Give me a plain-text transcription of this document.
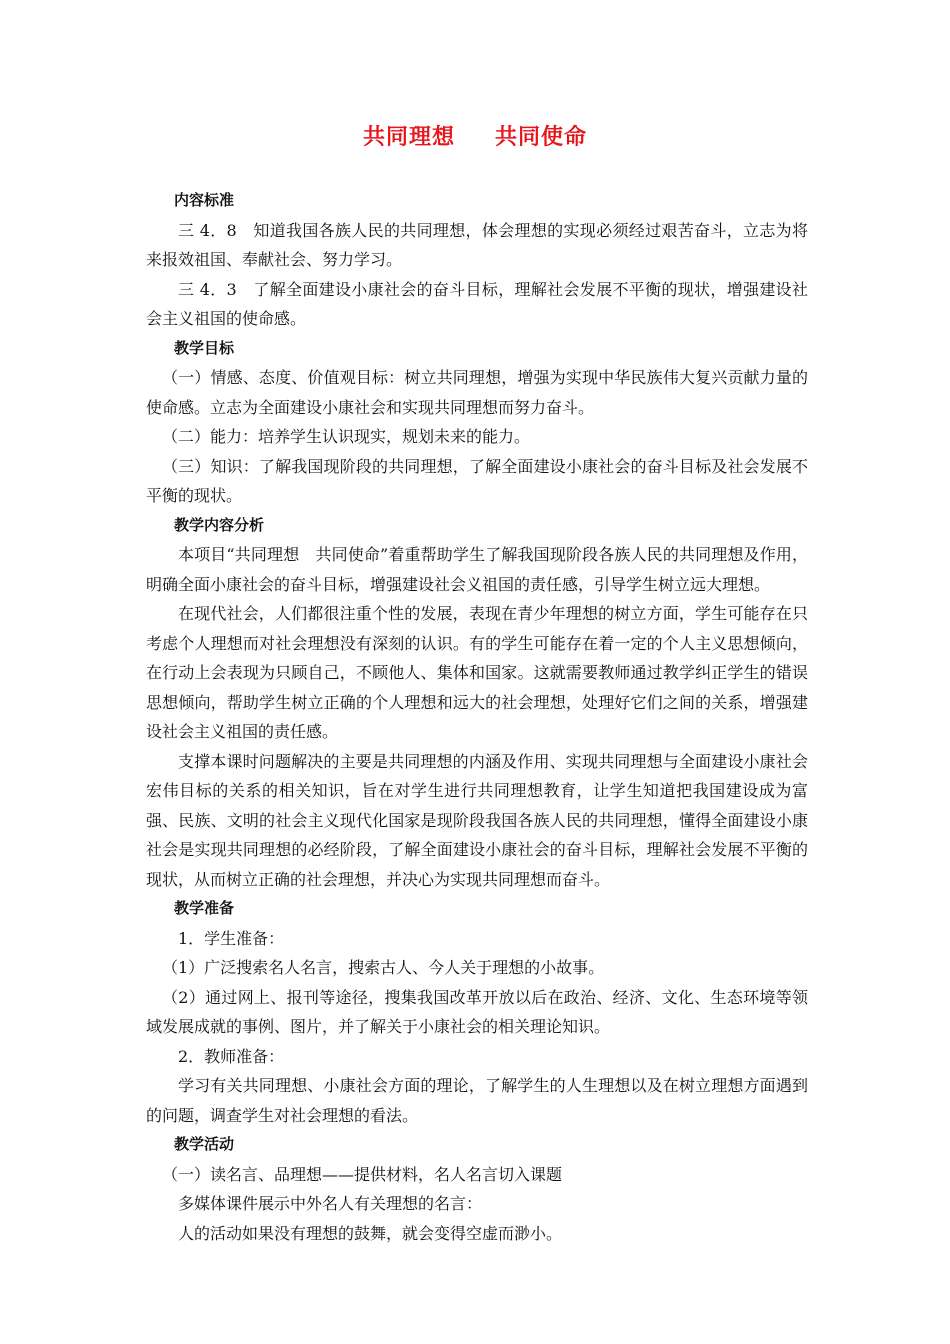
共同理想 共同使命

内容标准

三 4．8　知道我国各族人民的共同理想，体会理想的实现必须经过艰苦奋斗，立志为将来报效祖国、奉献社会、努力学习。

三 4．3　了解全面建设小康社会的奋斗目标，理解社会发展不平衡的现状，增强建设社会主义祖国的使命感。

教学目标

（一）情感、态度、价值观目标：树立共同理想，增强为实现中华民族伟大复兴贡献力量的使命感。立志为全面建设小康社会和实现共同理想而努力奋斗。

（二）能力：培养学生认识现实，规划未来的能力。

（三）知识：了解我国现阶段的共同理想，了解全面建设小康社会的奋斗目标及社会发展不平衡的现状。

教学内容分析

本项目“共同理想　共同使命”着重帮助学生了解我国现阶段各族人民的共同理想及作用，明确全面小康社会的奋斗目标，增强建设社会义祖国的责任感，引导学生树立远大理想。

在现代社会，人们都很注重个性的发展，表现在青少年理想的树立方面，学生可能存在只考虑个人理想而对社会理想没有深刻的认识。有的学生可能存在着一定的个人主义思想倾向，在行动上会表现为只顾自己，不顾他人、集体和国家。这就需要教师通过教学纠正学生的错误思想倾向，帮助学生树立正确的个人理想和远大的社会理想，处理好它们之间的关系，增强建设社会主义祖国的责任感。

支撑本课时问题解决的主要是共同理想的内涵及作用、实现共同理想与全面建设小康社会宏伟目标的关系的相关知识，旨在对学生进行共同理想教育，让学生知道把我国建设成为富强、民族、文明的社会主义现代化国家是现阶段我国各族人民的共同理想，懂得全面建设小康社会是实现共同理想的必经阶段，了解全面建设小康社会的奋斗目标，理解社会发展不平衡的现状，从而树立正确的社会理想，并决心为实现共同理想而奋斗。

教学准备

1．学生准备：

（1）广泛搜索名人名言，搜索古人、今人关于理想的小故事。

（2）通过网上、报刊等途径，搜集我国改革开放以后在政治、经济、文化、生态环境等领域发展成就的事例、图片，并了解关于小康社会的相关理论知识。

2．教师准备：

学习有关共同理想、小康社会方面的理论，了解学生的人生理想以及在树立理想方面遇到的问题，调查学生对社会理想的看法。

教学活动

（一）读名言、品理想——提供材料，名人名言切入课题

多媒体课件展示中外名人有关理想的名言：

人的活动如果没有理想的鼓舞，就会变得空虚而渺小。
